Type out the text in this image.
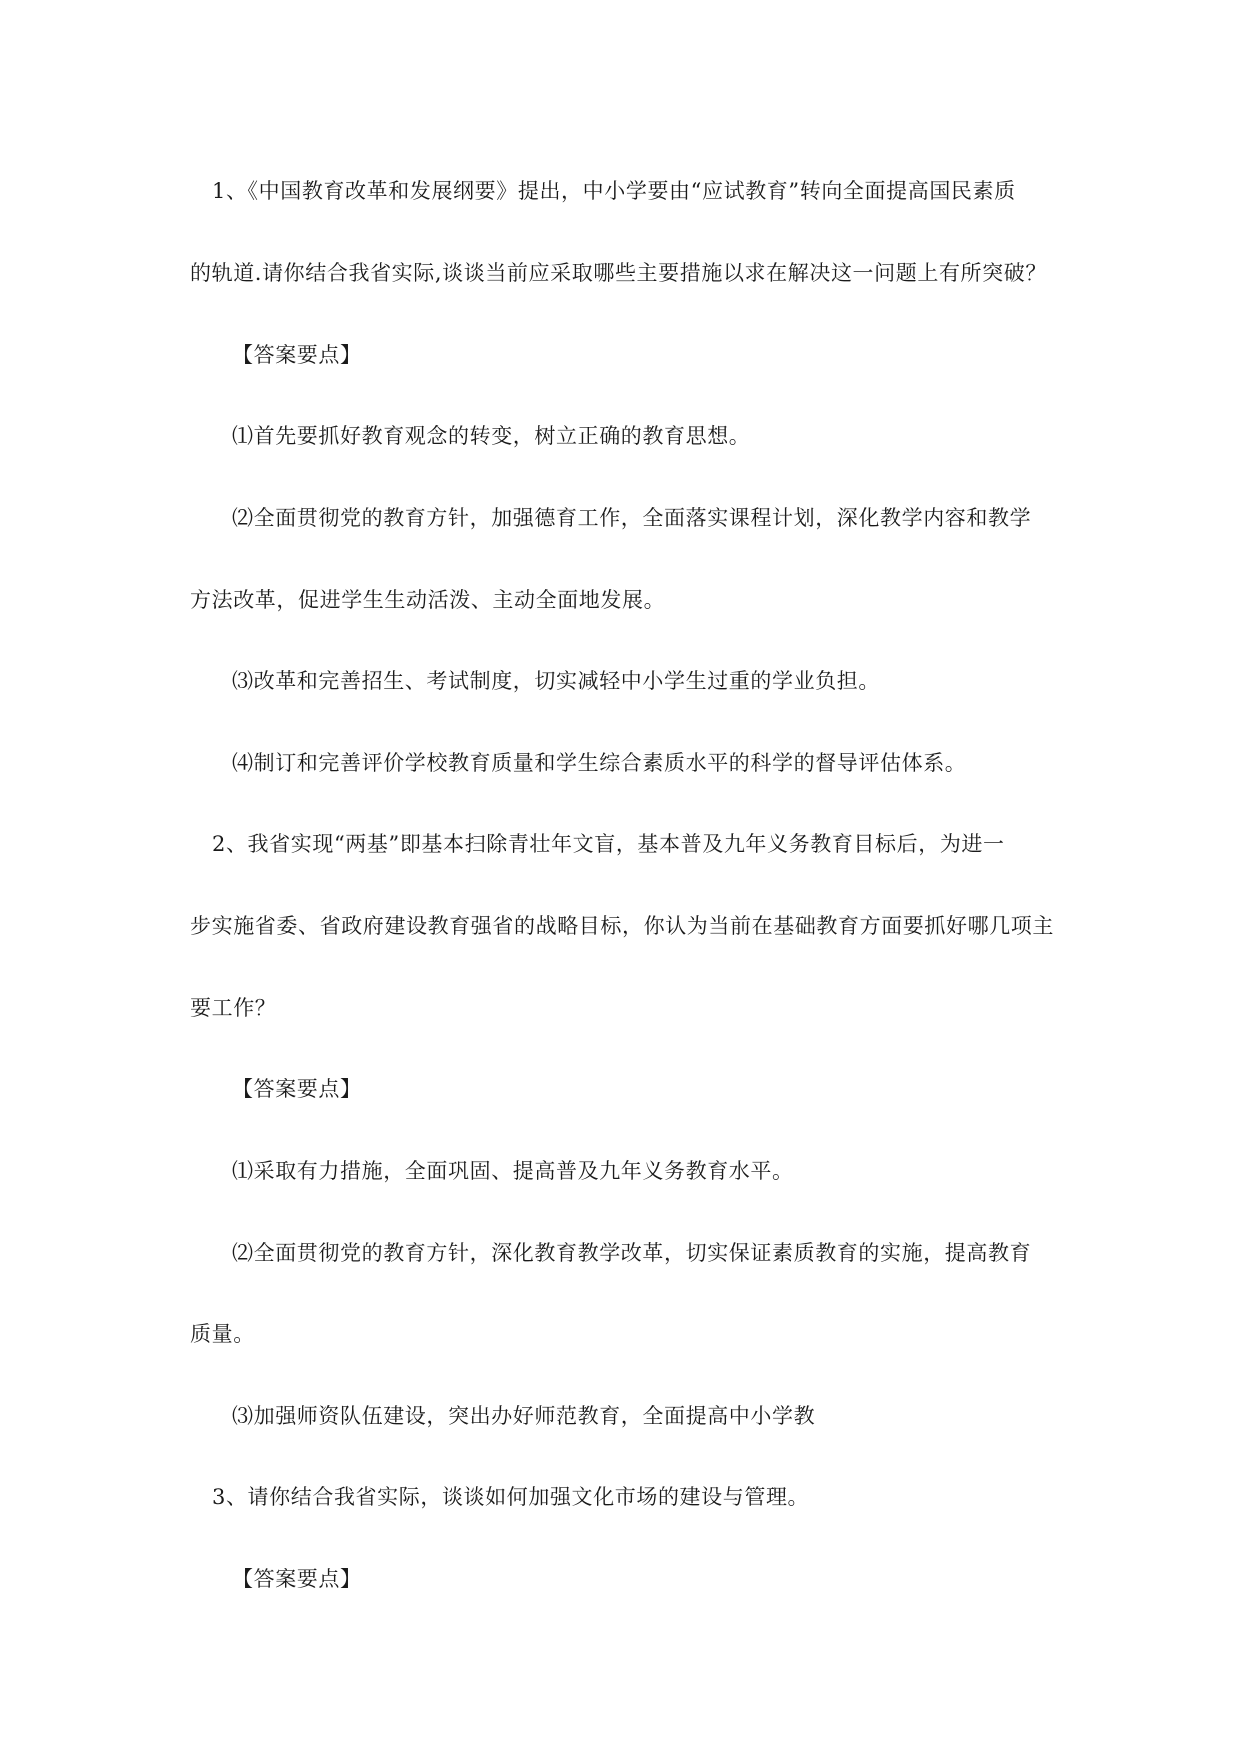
1、《中国教育改革和发展纲要》提出，中小学要由“应试教育”转向全面提高国民素质
的轨道.请你结合我省实际,谈谈当前应采取哪些主要措施以求在解决这一问题上有所突破？
【答案要点】
⑴首先要抓好教育观念的转变，树立正确的教育思想。
⑵全面贯彻党的教育方针，加强德育工作，全面落实课程计划，深化教学内容和教学
方法改革，促进学生生动活泼、主动全面地发展。
⑶改革和完善招生、考试制度，切实减轻中小学生过重的学业负担。
⑷制订和完善评价学校教育质量和学生综合素质水平的科学的督导评估体系。
2、我省实现“两基”即基本扫除青壮年文盲，基本普及九年义务教育目标后，为进一
步实施省委、省政府建设教育强省的战略目标，你认为当前在基础教育方面要抓好哪几项主
要工作？
【答案要点】
⑴采取有力措施，全面巩固、提高普及九年义务教育水平。
⑵全面贯彻党的教育方针，深化教育教学改革，切实保证素质教育的实施，提高教育
质量。
⑶加强师资队伍建设，突出办好师范教育，全面提高中小学教
3、请你结合我省实际，谈谈如何加强文化市场的建设与管理。
【答案要点】
